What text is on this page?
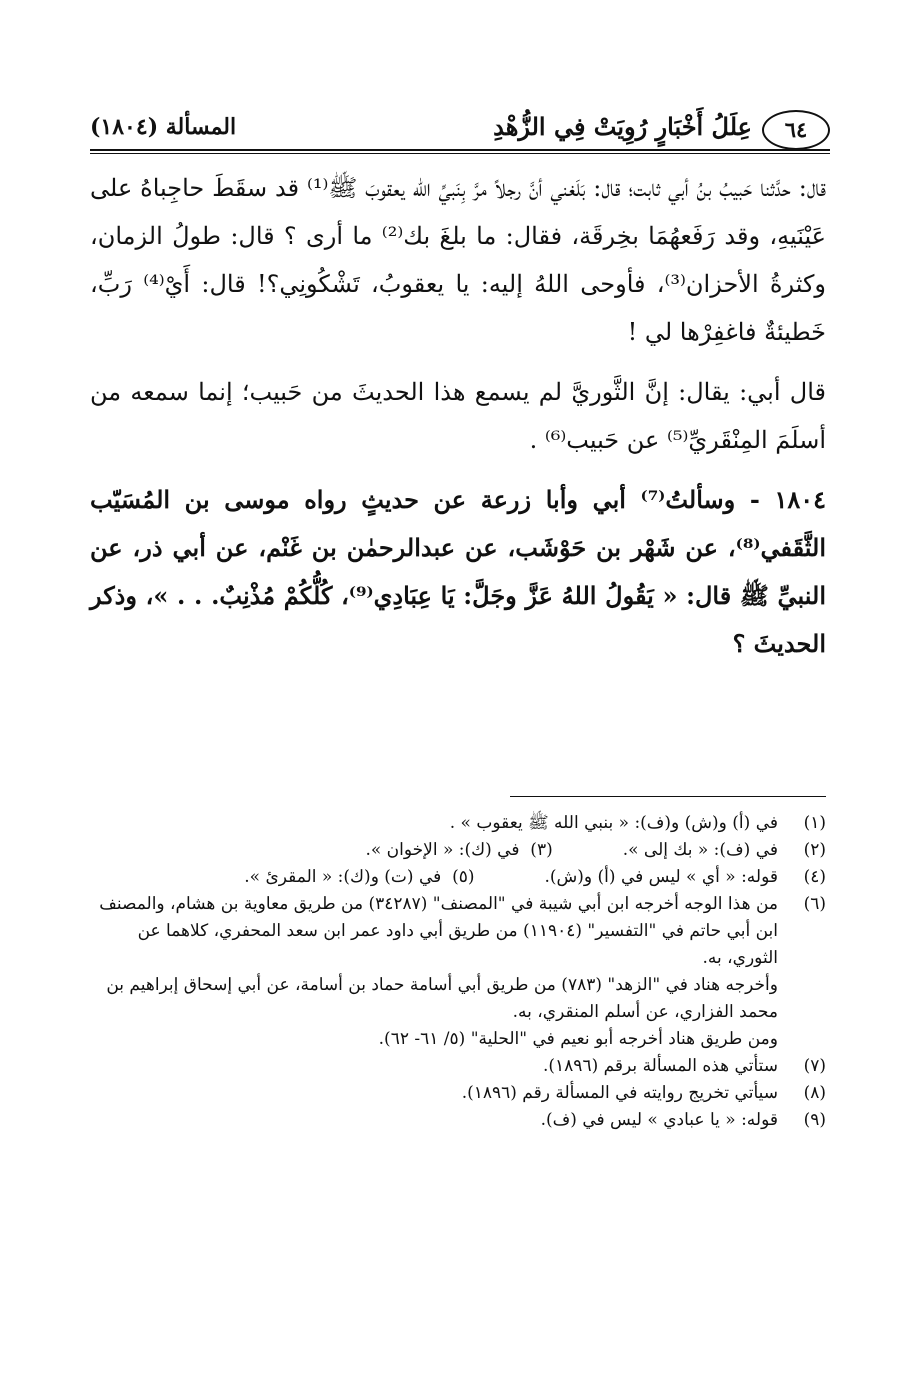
٦٤
عِلَلُ أَخْبَارٍ رُوِيَتْ فِي الزُّهْدِ
المسألة (١٨٠٤)

قال: حدَّثنا حَبيبُ بنُ أبي ثابت؛ قال: بَلَغني أنَّ رجلاً مرَّ بِنَبيِّ الله يعقوبَ ﷺ⁽¹⁾ قد سقَطَ حاجِباهُ على عَيْنَيهِ، وقد رَفَعهُمَا بخِرقَة، فقال: ما بلغَ بك⁽²⁾ ما أرى ؟ قال: طولُ الزمان، وكثرةُ الأحزان⁽³⁾، فأوحى اللهُ إليه: يا يعقوبُ، تَشْكُونِي؟! قال: أَيْ⁽⁴⁾ رَبِّ، خَطيئةٌ فاغفِرْها لي !

قال أبي: يقال: إنَّ الثَّوريَّ لم يسمع هذا الحديثَ من حَبيب؛ إنما سمعه من أسلَمَ المِنْقَريِّ⁽⁵⁾ عن حَبيب⁽⁶⁾ .

١٨٠٤ - وسألتُ⁽⁷⁾ أبي وأبا زرعة عن حديثٍ رواه موسى بن المُسَيّب الثَّقَفي⁽⁸⁾، عن شَهْر بن حَوْشَب، عن عبدالرحمٰن بن غَنْم، عن أبي ذر، عن النبيِّ ﷺ قال: « يَقُولُ اللهُ عَزَّ وجَلَّ: يَا عِبَادِي⁽⁹⁾، كُلُّكُمْ مُذْنِبٌ. . . »، وذكر الحديثَ ؟

(١)
في (أ) و(ش) و(ف): « بنبي الله ﷺ يعقوب » .
(٢)
في (ف): « بك إلى ».
(٣)  في (ك): « الإخوان ».
(٤)
قوله: « أي » ليس في (أ) و(ش).
(٥)  في (ت) و(ك): « المقرئ ».
(٦)
من هذا الوجه أخرجه ابن أبي شيبة في "المصنف" (٣٤٢٨٧) من طريق معاوية بن هشام، والمصنف ابن أبي حاتم في "التفسير" (١١٩٠٤) من طريق أبي داود عمر ابن سعد المحفري، كلاهما عن الثوري، به.
وأخرجه هناد في "الزهد" (٧٨٣) من طريق أبي أسامة حماد بن أسامة، عن أبي إسحاق إبراهيم بن محمد الفزاري، عن أسلم المنقري، به.
ومن طريق هناد أخرجه أبو نعيم في "الحلية" (٥/ ٦١- ٦٢).
(٧)
ستأتي هذه المسألة برقم (١٨٩٦).
(٨)
سيأتي تخريج روايته في المسألة رقم (١٨٩٦).
(٩)
قوله: « يا عبادي » ليس في (ف).
